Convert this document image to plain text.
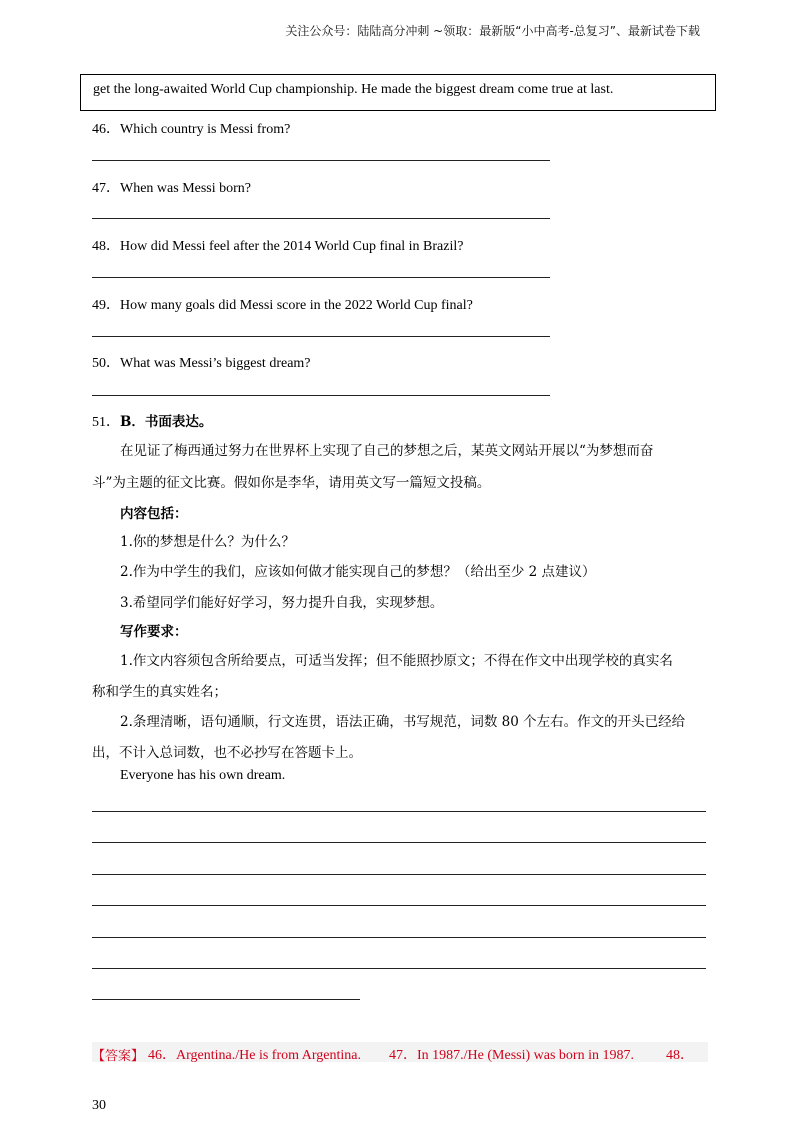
关注公众号：陆陆高分冲刺 ~领取：最新版“小中高考-总复习”、最新试卷下载
get the long-awaited World Cup championship. He made the biggest dream come true at last.
46．Which country is Messi from?
47．When was Messi born?
48．How did Messi feel after the 2014 World Cup final in Brazil?
49．How many goals did Messi score in the 2022 World Cup final?
50．What was Messi’s biggest dream?
51．B．书面表达。
在见证了梅西通过努力在世界杯上实现了自己的梦想之后，某英文网站开展以“为梦想而奋
斗”为主题的征文比赛。假如你是李华，请用英文写一篇短文投稿。
内容包括：
1.你的梦想是什么？为什么？
2.作为中学生的我们，应该如何做才能实现自己的梦想？（给出至少 2 点建议）
3.希望同学们能好好学习，努力提升自我，实现梦想。
写作要求：
1.作文内容须包含所给要点，可适当发挥；但不能照抄原文；不得在作文中出现学校的真实名
称和学生的真实姓名；
2.条理清晰，语句通顺，行文连贯，语法正确，书写规范，词数 80 个左右。作文的开头已经给
出，不计入总词数，也不必抄写在答题卡上。
Everyone has his own dream.
【答案】 46．Argentina./He is from Argentina. 47．In 1987./He (Messi) was born in 1987. 48．
30
